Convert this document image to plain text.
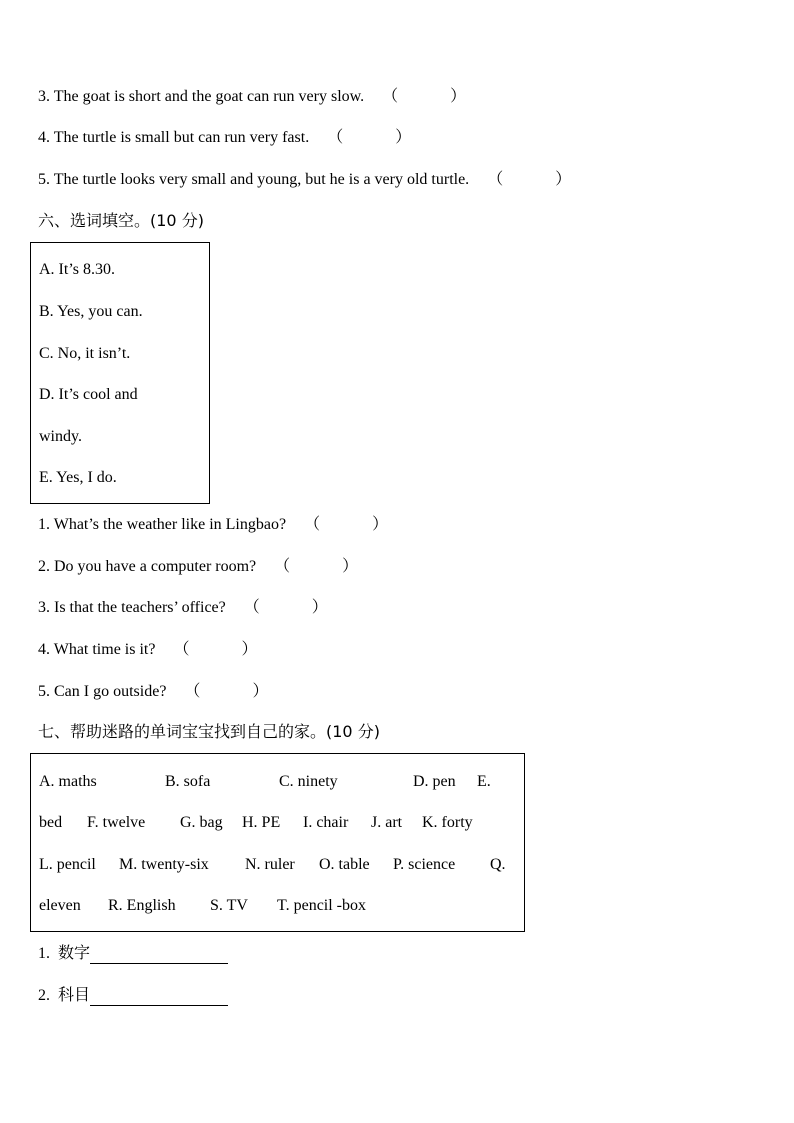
3. The goat is short and the goat can run very slow. （	）
4. The turtle is small but can run very fast. （	）
5. The turtle looks very small and young, but he is a very old turtle. （	）
六、选词填空。(10 分)
A. It’s 8.30.
B. Yes, you can.
C. No, it isn’t.
D. It’s cool and
windy.
E. Yes, I do.
1. What’s the weather like in Lingbao? （	）
2. Do you have a computer room? （	）
3. Is that the teachers’ office? （	）
4. What time is it? （	）
5. Can I go outside? （	）
七、帮助迷路的单词宝宝找到自己的家。(10 分)
A. maths	B. sofa	C. ninety	D. pen E.
bed F. twelve G. bag H. PE I. chair J. art K. forty
L. pencil M. twenty-six N. ruler O. table P. science Q.
eleven R. English S. TV T. pencil -box
1. 数字
2. 科目
